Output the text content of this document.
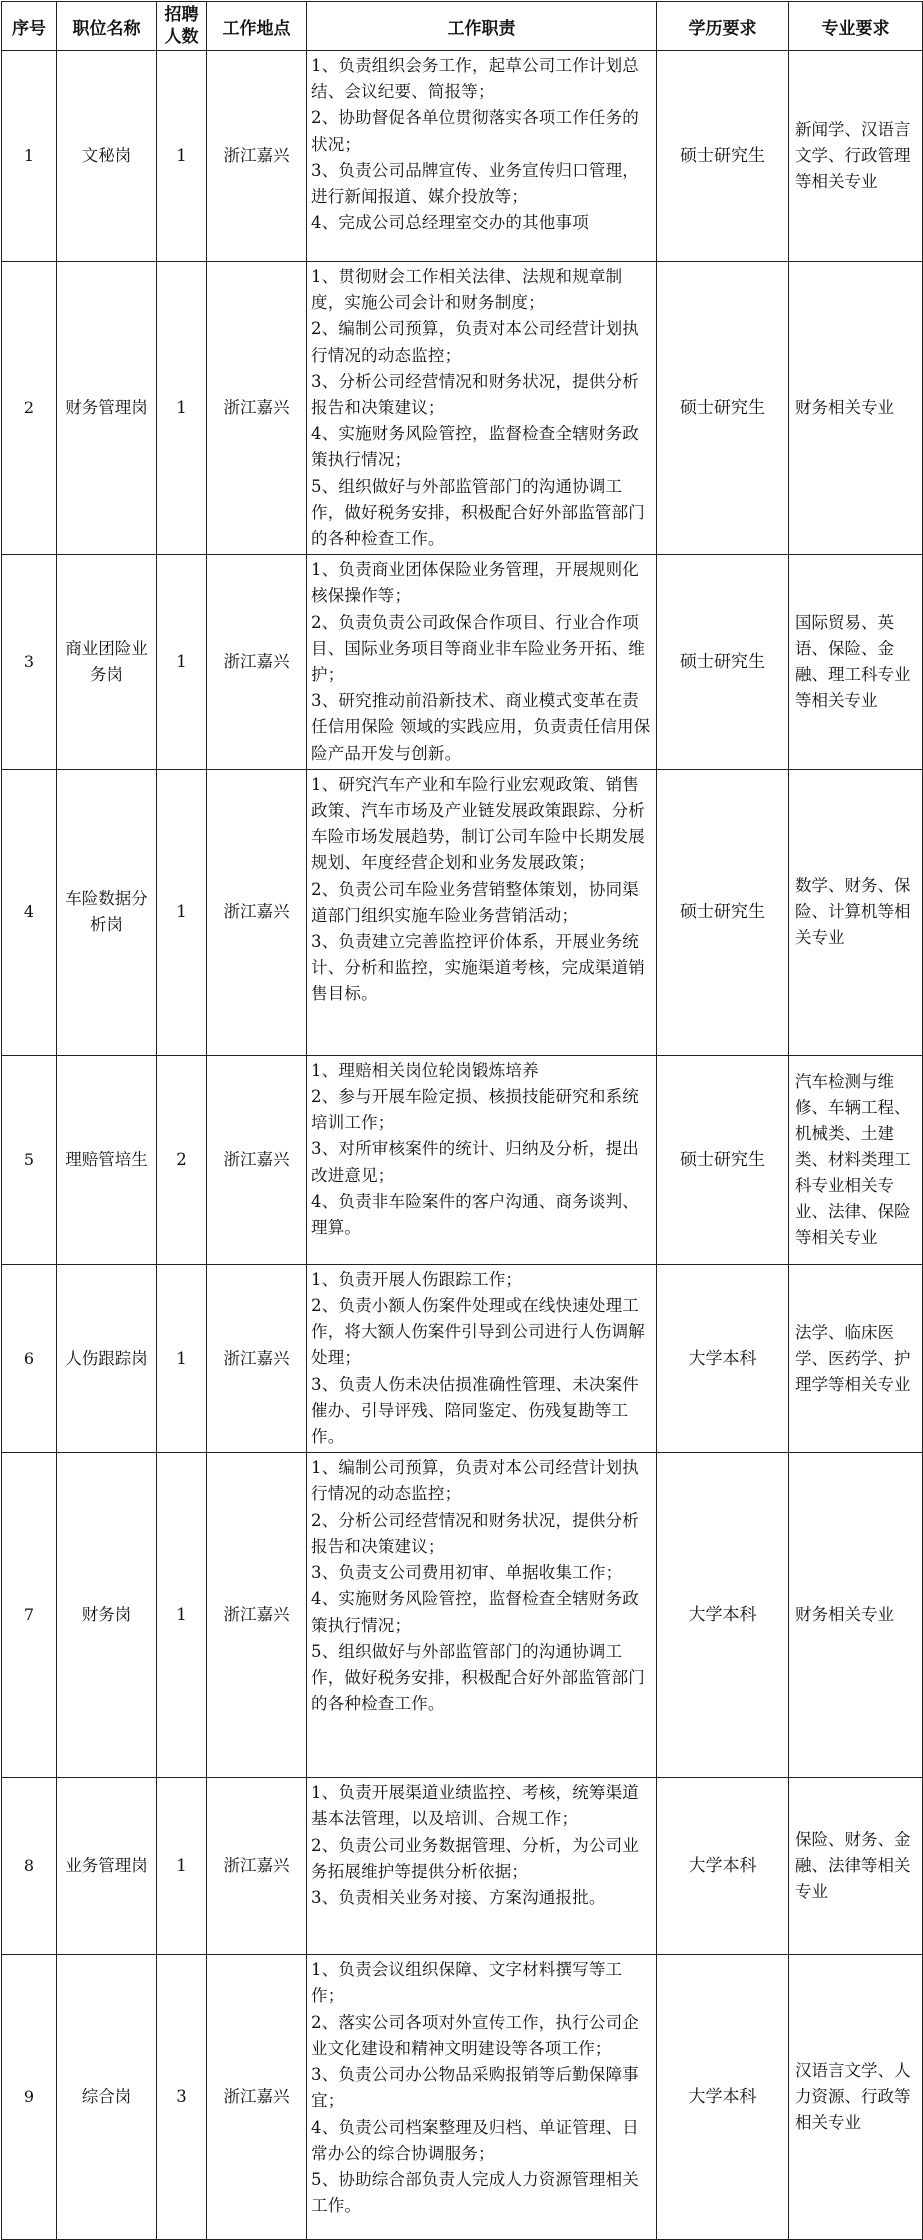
序号	职位名称	招聘人数	工作地点	工作职责	学历要求	专业要求
1	文秘岗	1	浙江嘉兴	1、负责组织会务工作，起草公司工作计划总结、会议纪要、简报等；
2、协助督促各单位贯彻落实各项工作任务的状况；
3、负责公司品牌宣传、业务宣传归口管理，进行新闻报道、媒介投放等；
4、完成公司总经理室交办的其他事项	硕士研究生	新闻学、汉语言文学、行政管理等相关专业
2	财务管理岗	1	浙江嘉兴	1、贯彻财会工作相关法律、法规和规章制度，实施公司会计和财务制度；
2、编制公司预算，负责对本公司经营计划执行情况的动态监控；
3、分析公司经营情况和财务状况，提供分析报告和决策建议；
4、实施财务风险管控，监督检查全辖财务政策执行情况；
5、组织做好与外部监管部门的沟通协调工作，做好税务安排，积极配合好外部监管部门的各种检查工作。	硕士研究生	财务相关专业
3	商业团险业务岗	1	浙江嘉兴	1、负责商业团体保险业务管理，开展规则化核保操作等；
2、负责负责公司政保合作项目、行业合作项目、国际业务项目等商业非车险业务开拓、维护；
3、研究推动前沿新技术、商业模式变革在责任信用保险 领域的实践应用，负责责任信用保险产品开发与创新。	硕士研究生	国际贸易、英语、保险、金融、理工科专业等相关专业
4	车险数据分析岗	1	浙江嘉兴	1、研究汽车产业和车险行业宏观政策、销售政策、汽车市场及产业链发展政策跟踪、分析车险市场发展趋势，制订公司车险中长期发展规划、年度经营企划和业务发展政策；
2、负责公司车险业务营销整体策划，协同渠道部门组织实施车险业务营销活动；
3、负责建立完善监控评价体系，开展业务统计、分析和监控，实施渠道考核，完成渠道销售目标。	硕士研究生	数学、财务、保险、计算机等相关专业
5	理赔管培生	2	浙江嘉兴	1、理赔相关岗位轮岗锻炼培养
2、参与开展车险定损、核损技能研究和系统培训工作；
3、对所审核案件的统计、归纳及分析，提出改进意见；
4、负责非车险案件的客户沟通、商务谈判、理算。	硕士研究生	汽车检测与维修、车辆工程、机械类、土建类、材料类理工科专业相关专业、法律、保险等相关专业
6	人伤跟踪岗	1	浙江嘉兴	1、负责开展人伤跟踪工作；
2、负责小额人伤案件处理或在线快速处理工作，将大额人伤案件引导到公司进行人伤调解处理；
3、负责人伤未决估损准确性管理、未决案件催办、引导评残、陪同鉴定、伤残复勘等工作。	大学本科	法学、临床医学、医药学、护理学等相关专业
7	财务岗	1	浙江嘉兴	1、编制公司预算，负责对本公司经营计划执行情况的动态监控；
2、分析公司经营情况和财务状况，提供分析报告和决策建议；
3、负责支公司费用初审、单据收集工作；
4、实施财务风险管控，监督检查全辖财务政策执行情况；
5、组织做好与外部监管部门的沟通协调工作，做好税务安排，积极配合好外部监管部门的各种检查工作。	大学本科	财务相关专业
8	业务管理岗	1	浙江嘉兴	1、负责开展渠道业绩监控、考核，统筹渠道基本法管理，以及培训、合规工作；
2、负责公司业务数据管理、分析，为公司业务拓展维护等提供分析依据；
3、负责相关业务对接、方案沟通报批。	大学本科	保险、财务、金融、法律等相关专业
9	综合岗	3	浙江嘉兴	1、负责会议组织保障、文字材料撰写等工作；
2、落实公司各项对外宣传工作，执行公司企业文化建设和精神文明建设等各项工作；
3、负责公司办公物品采购报销等后勤保障事宜；
4、负责公司档案整理及归档、单证管理、日常办公的综合协调服务；
5、协助综合部负责人完成人力资源管理相关工作。	大学本科	汉语言文学、人力资源、行政等相关专业
